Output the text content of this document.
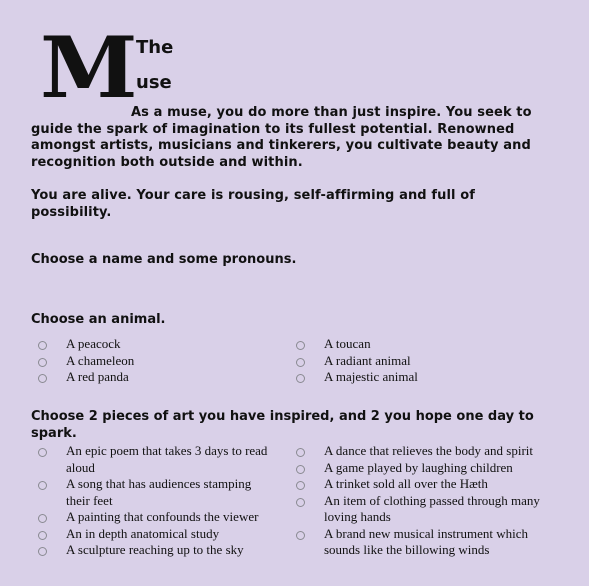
M The
use
As a muse, you do more than just inspire. You seek to guide the spark of imagination to its fullest potential. Renowned amongst artists, musicians and tinkerers, you cultivate beauty and recognition both outside and within.
You are alive. Your care is rousing, self-affirming and full of possibility.
Choose a name and some pronouns.
Choose an animal.
A peacock
A chameleon
A red panda
A toucan
A radiant animal
A majestic animal
Choose 2 pieces of art you have inspired, and 2 you hope one day to spark.
An epic poem that takes 3 days to read aloud
A song that has audiences stamping their feet
A painting that confounds the viewer
An in depth anatomical study
A sculpture reaching up to the sky
A dance that relieves the body and spirit
A game played by laughing children
A trinket sold all over the Hæth
An item of clothing passed through many loving hands
A brand new musical instrument which sounds like the billowing winds
